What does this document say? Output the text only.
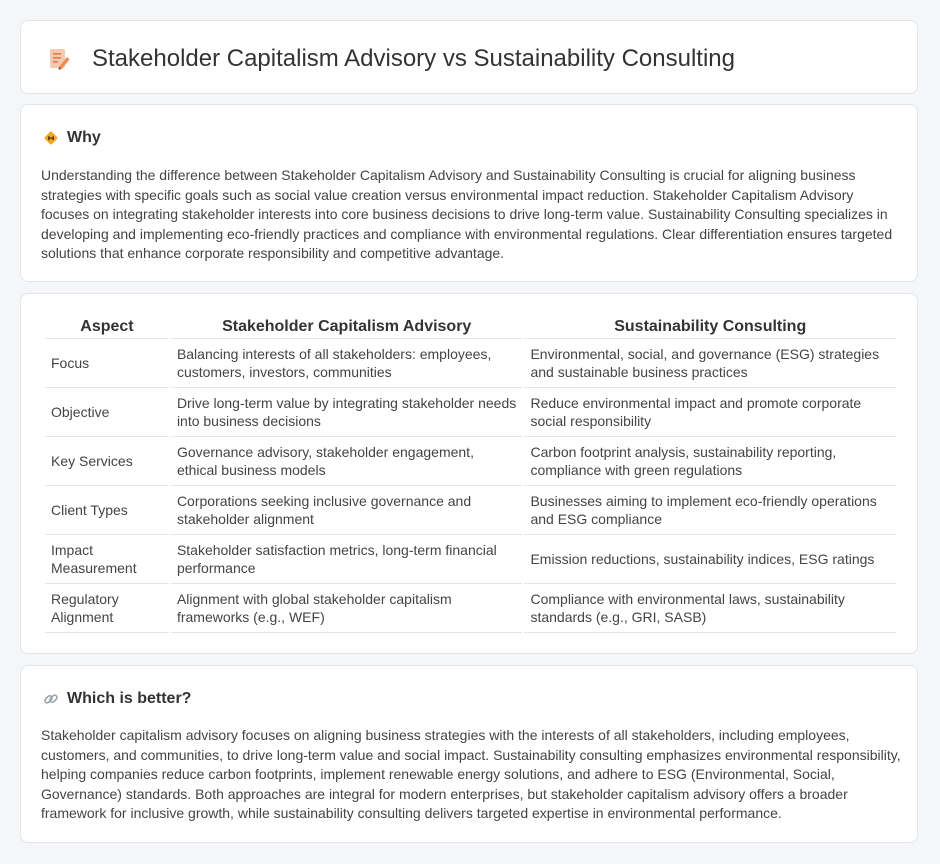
Stakeholder Capitalism Advisory vs Sustainability Consulting
Why

Understanding the difference between Stakeholder Capitalism Advisory and Sustainability Consulting is crucial for aligning business strategies with specific goals such as social value creation versus environmental impact reduction. Stakeholder Capitalism Advisory focuses on integrating stakeholder interests into core business decisions to drive long-term value. Sustainability Consulting specializes in developing and implementing eco-friendly practices and compliance with environmental regulations. Clear differentiation ensures targeted solutions that enhance corporate responsibility and competitive advantage.

Aspect	Stakeholder Capitalism Advisory	Sustainability Consulting
Focus	Balancing interests of all stakeholders: employees, customers, investors, communities	Environmental, social, and governance (ESG) strategies and sustainable business practices
Objective	Drive long-term value by integrating stakeholder needs into business decisions	Reduce environmental impact and promote corporate social responsibility
Key Services	Governance advisory, stakeholder engagement, ethical business models	Carbon footprint analysis, sustainability reporting, compliance with green regulations
Client Types	Corporations seeking inclusive governance and stakeholder alignment	Businesses aiming to implement eco-friendly operations and ESG compliance
Impact Measurement	Stakeholder satisfaction metrics, long-term financial performance	Emission reductions, sustainability indices, ESG ratings
Regulatory Alignment	Alignment with global stakeholder capitalism frameworks (e.g., WEF)	Compliance with environmental laws, sustainability standards (e.g., GRI, SASB)
Which is better?

Stakeholder capitalism advisory focuses on aligning business strategies with the interests of all stakeholders, including employees, customers, and communities, to drive long-term value and social impact. Sustainability consulting emphasizes environmental responsibility, helping companies reduce carbon footprints, implement renewable energy solutions, and adhere to ESG (Environmental, Social, Governance) standards. Both approaches are integral for modern enterprises, but stakeholder capitalism advisory offers a broader framework for inclusive growth, while sustainability consulting delivers targeted expertise in environmental performance.
